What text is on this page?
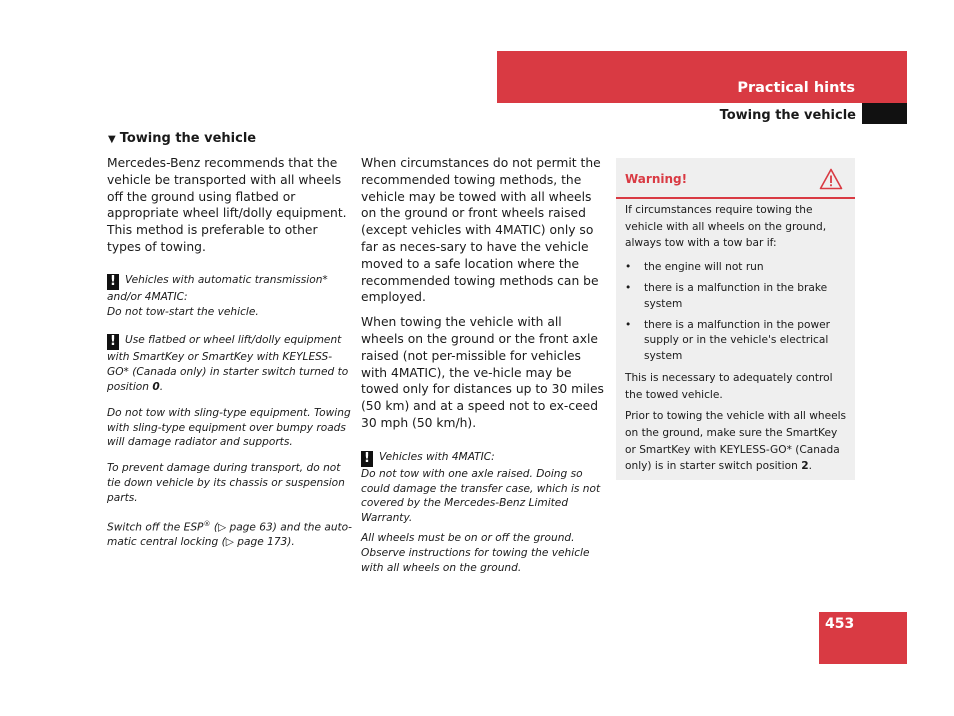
Practical hints
Towing the vehicle
▼ Towing the vehicle

Mercedes-Benz recommends that the vehicle be transported with all wheels off the ground using flatbed or appropriate wheel lift/dolly equipment. This method is preferable to other types of towing.

! Vehicles with automatic transmission* and/or 4MATIC:
Do not tow-start the vehicle.

! Use flatbed or wheel lift/dolly equipment with SmartKey or SmartKey with KEYLESS-GO* (Canada only) in starter switch turned to position 0.

Do not tow with sling-type equipment. Towing with sling-type equipment over bumpy roads will damage radiator and supports.

To prevent damage during transport, do not tie down vehicle by its chassis or suspension parts.

Switch off the ESP® (▷ page 63) and the auto-matic central locking (▷ page 173).

When circumstances do not permit the recommended towing methods, the vehicle may be towed with all wheels on the ground or front wheels raised (except vehicles with 4MATIC) only so far as neces-sary to have the vehicle moved to a safe location where the recommended towing methods can be employed.

When towing the vehicle with all wheels on the ground or the front axle raised (not per-missible for vehicles with 4MATIC), the ve-hicle may be towed only for distances up to 30 miles (50 km) and at a speed not to ex-ceed 30 mph (50 km/h).

! Vehicles with 4MATIC:
Do not tow with one axle raised. Doing so could damage the transfer case, which is not covered by the Mercedes-Benz Limited Warranty.

All wheels must be on or off the ground. Observe instructions for towing the vehicle with all wheels on the ground.

Warning!

If circumstances require towing the vehicle with all wheels on the ground, always tow with a tow bar if:

• the engine will not run
• there is a malfunction in the brake system
• there is a malfunction in the power supply or in the vehicle's electrical system

This is necessary to adequately control the towed vehicle.

Prior to towing the vehicle with all wheels on the ground, make sure the SmartKey or SmartKey with KEYLESS-GO* (Canada only) is in starter switch position 2.

453
